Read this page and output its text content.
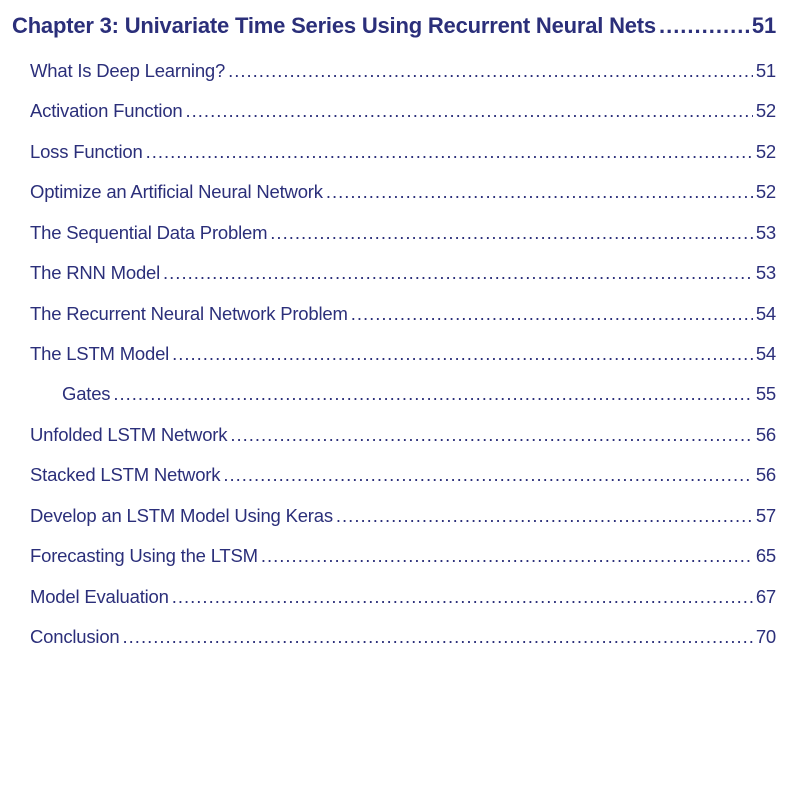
Chapter 3: Univariate Time Series Using Recurrent Neural Nets .....	51
What Is Deep Learning? .....	51
Activation Function .....	52
Loss Function .....	52
Optimize an Artificial Neural Network .....	52
The Sequential Data Problem .....	53
The RNN Model .....	53
The Recurrent Neural Network Problem .....	54
The LSTM Model .....	54
Gates .....	55
Unfolded LSTM Network .....	56
Stacked LSTM Network .....	56
Develop an LSTM Model Using Keras .....	57
Forecasting Using the LTSM .....	65
Model Evaluation .....	67
Conclusion .....	70
